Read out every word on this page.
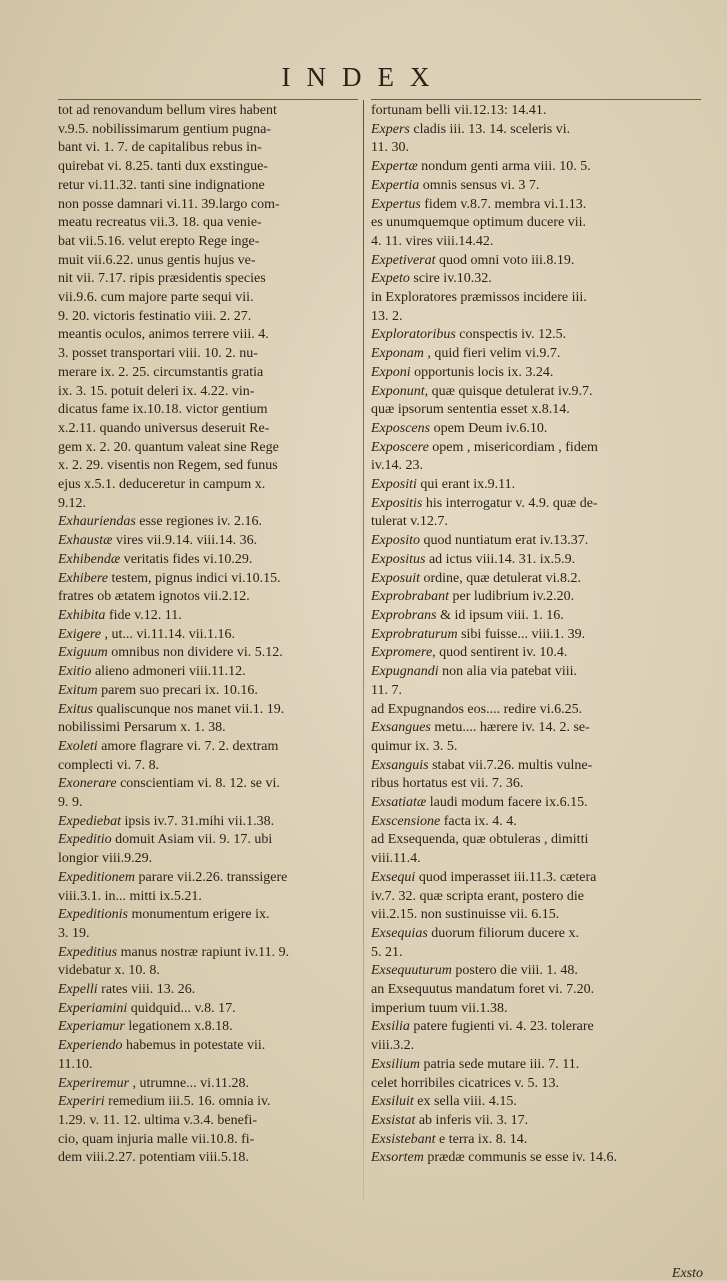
INDEX
tot ad renovandum bellum vires habent
v.9.5. nobilissimarum gentium pugna-
bant vi. 1. 7. de capitalibus rebus in-
quirebat vi. 8.25. tanti dux exstingue-
retur vi.11.32. tanti sine indignatione
non posse damnari vi.11. 39.largo com-
meatu recreatus vii.3. 18. qua venie-
bat vii.5.16. velut erepto Rege inge-
muit vii.6.22. unus gentis hujus ve-
nit vii. 7.17. ripis præsidentis species
vii.9.6. cum majore parte sequi vii.
9. 20. victoris festinatio viii. 2. 27.
meantis oculos, animos terrere viii. 4.
3. posset transportari viii. 10. 2. nu-
merare ix. 2. 25. circumstantis gratia
ix. 3. 15. potuit deleri ix. 4.22. vin-
dicatus fame ix.10.18. victor gentium
x.2.11. quando universus deseruit Re-
gem x. 2. 20. quantum valeat sine Rege
x. 2. 29. visentis non Regem, sed funus
ejus x.5.1. deduceretur in campum x.
9.12.
Exhauriendas esse regiones iv. 2.16.
Exhaustæ vires vii.9.14. viii.14. 36.
Exhibendæ veritatis fides vi.10.29.
Exhibere testem, pignus indici vi.10.15.
fratres ob ætatem ignotos vii.2.12.
Exhibita fide v.12. 11.
Exigere , ut... vi.11.14. vii.1.16.
Exiguum omnibus non dividere vi. 5.12.
Exitio alieno admoneri viii.11.12.
Exitum parem suo precari ix. 10.16.
Exitus qualiscunque nos manet vii.1. 19.
nobilissimi Persarum x. 1. 38.
Exoleti amore flagrare vi. 7. 2. dextram
complecti vi. 7. 8.
Exonerare conscientiam vi. 8. 12. se vi.
9. 9.
Expediebat ipsis iv.7. 31.mihi vii.1.38.
Expeditio domuit Asiam vii. 9. 17. ubi
longior viii.9.29.
Expeditionem parare vii.2.26. transsigere
viii.3.1. in... mitti ix.5.21.
Expeditionis monumentum erigere ix.
3. 19.
Expeditius manus nostræ rapiunt iv.11. 9.
videbatur x. 10. 8.
Expelli rates viii. 13. 26.
Experiamini quidquid... v.8. 17.
Experiamur legationem x.8.18.
Experiendo habemus in potestate vii.
11.10.
Experiremur , utrumne... vi.11.28.
Experiri remedium iii.5. 16. omnia iv.
1.29. v. 11. 12. ultima v.3.4. benefi-
cio, quam injuria malle vii.10.8. fi-
dem viii.2.27. potentiam viii.5.18.
fortunam belli vii.12.13: 14.41.
Expers cladis iii. 13. 14. sceleris vi.
11. 30.
Expertæ nondum genti arma viii. 10. 5.
Expertia omnis sensus vi. 3 7.
Expertus fidem v.8.7. membra vi.1.13.
es unumquemque optimum ducere vii.
4. 11. vires viii.14.42.
Expetiverat quod omni voto iii.8.19.
Expeto scire iv.10.32.
in Exploratores præmissos incidere iii.
13. 2.
Exploratoribus conspectis iv. 12.5.
Exponam , quid fieri velim vi.9.7.
Exponi opportunis locis ix. 3.24.
Exponunt, quæ quisque detulerat iv.9.7.
quæ ipsorum sententia esset x.8.14.
Exposcens opem Deum iv.6.10.
Exposcere opem , misericordiam , fidem
iv.14. 23.
Expositi qui erant ix.9.11.
Expositis his interrogatur v. 4.9. quæ de-
tulerat v.12.7.
Exposito quod nuntiatum erat iv.13.37.
Expositus ad ictus viii.14. 31. ix.5.9.
Exposuit ordine, quæ detulerat vi.8.2.
Exprobrabant per ludibrium iv.2.20.
Exprobrans & id ipsum viii. 1. 16.
Exprobraturum sibi fuisse... viii.1. 39.
Expromere, quod sentirent iv. 10.4.
Expugnandi non alia via patebat viii.
11. 7.
ad Expugnandos eos.... redire vi.6.25.
Exsangues metu.... hærere iv. 14. 2. se-
quimur ix. 3. 5.
Exsanguis stabat vii.7.26. multis vulne-
ribus hortatus est vii. 7. 36.
Exsatiatæ laudi modum facere ix.6.15.
Exscensione facta ix. 4. 4.
ad Exsequenda, quæ obtuleras , dimitti
viii.11.4.
Exsequi quod imperasset iii.11.3. cætera
iv.7. 32. quæ scripta erant, postero die
vii.2.15. non sustinuisse vii. 6.15.
Exsequias duorum filiorum ducere x.
5. 21.
Exsequuturum postero die viii. 1. 48.
an Exsequutus mandatum foret vi. 7.20.
imperium tuum vii.1.38.
Exsilia patere fugienti vi. 4. 23. tolerare
viii.3.2.
Exsilium patria sede mutare iii. 7. 11.
celet horribiles cicatrices v. 5. 13.
Exsiluit ex sella viii. 4.15.
Exsistat ab inferis vii. 3. 17.
Exsistebant e terra ix. 8. 14.
Exsortem prædæ communis se esse iv. 14.6.
Exsto
